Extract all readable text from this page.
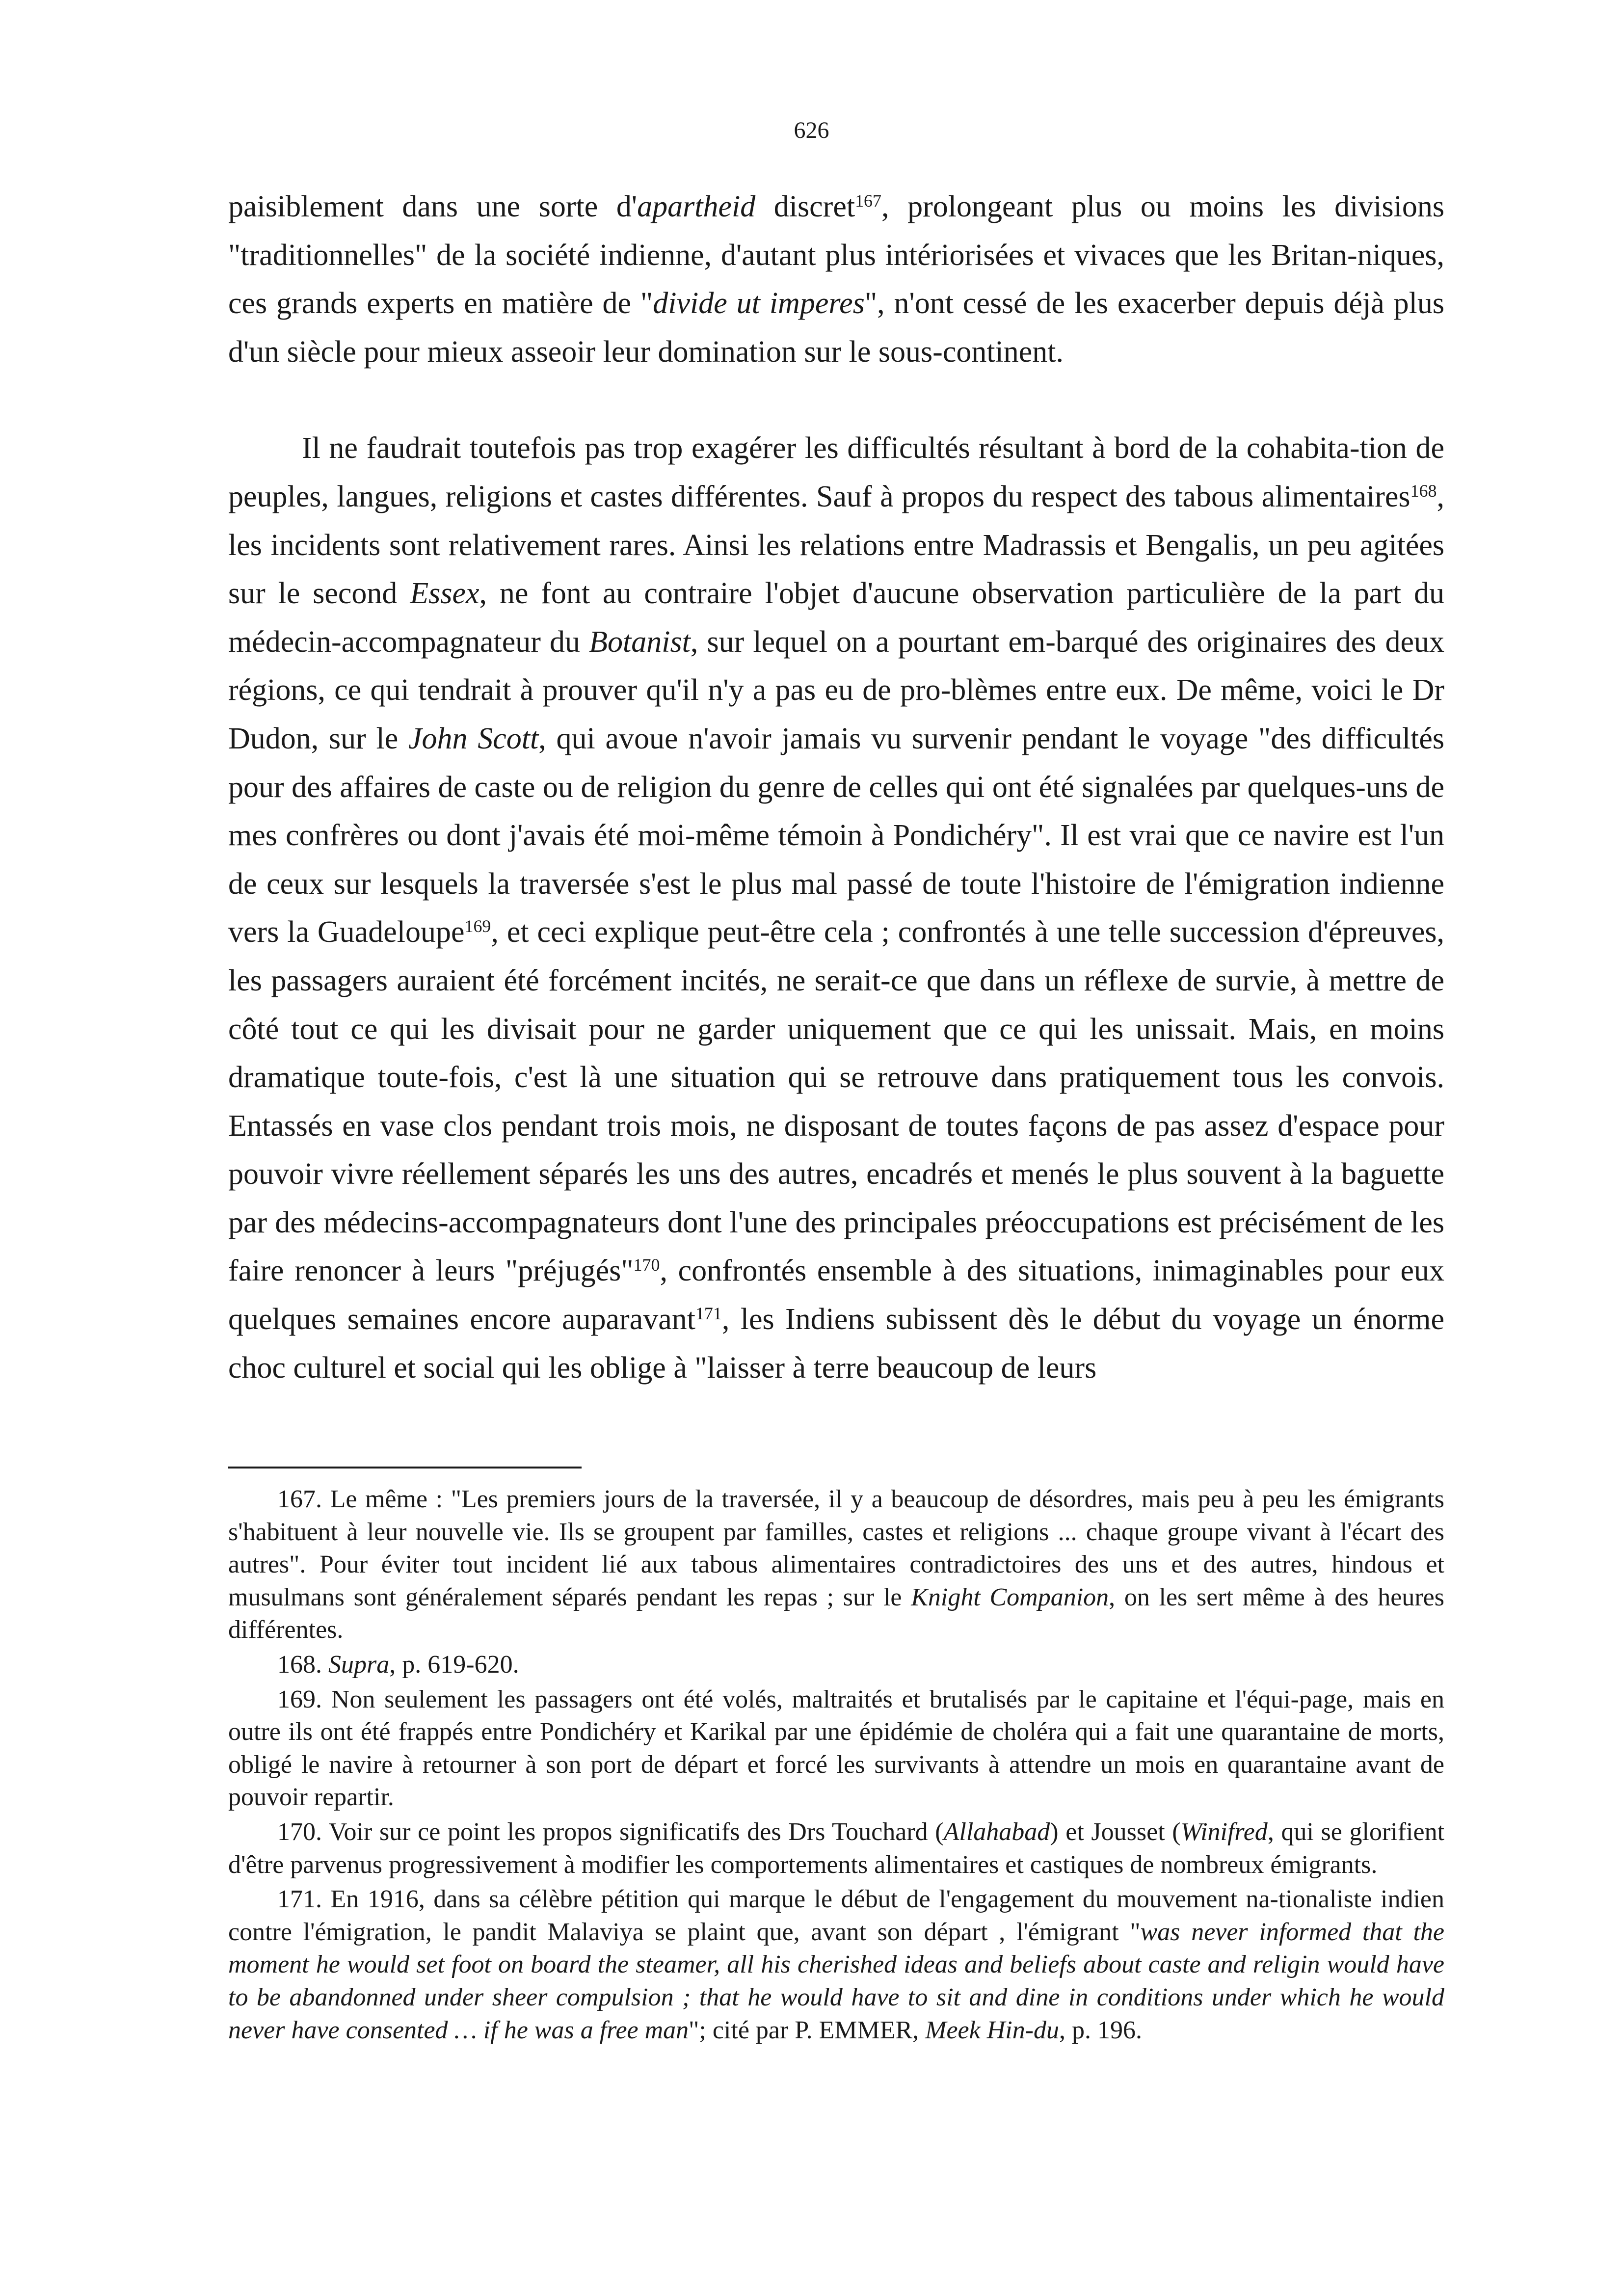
626

paisiblement dans une sorte d'apartheid discret$^{167}$, prolongeant plus ou moins les divisions "traditionnelles" de la société indienne, d'autant plus intériorisées et vivaces que les Britan-niques, ces grands experts en matière de "divide ut imperes", n'ont cessé de les exacerber depuis déjà plus d'un siècle pour mieux asseoir leur domination sur le sous-continent.

Il ne faudrait toutefois pas trop exagérer les difficultés résultant à bord de la cohabita-tion de peuples, langues, religions et castes différentes. Sauf à propos du respect des tabous alimentaires$^{168}$, les incidents sont relativement rares. Ainsi les relations entre Madrassis et Bengalis, un peu agitées sur le second Essex, ne font au contraire l'objet d'aucune observation particulière de la part du médecin-accompagnateur du Botanist, sur lequel on a pourtant em-barqué des originaires des deux régions, ce qui tendrait à prouver qu'il n'y a pas eu de pro-blèmes entre eux. De même, voici le Dr Dudon, sur le John Scott, qui avoue n'avoir jamais vu survenir pendant le voyage "des difficultés pour des affaires de caste ou de religion du genre de celles qui ont été signalées par quelques-uns de mes confrères ou dont j'avais été moi-même témoin à Pondichéry". Il est vrai que ce navire est l'un de ceux sur lesquels la traversée s'est le plus mal passé de toute l'histoire de l'émigration indienne vers la Guadeloupe$^{169}$, et ceci explique peut-être cela ; confrontés à une telle succession d'épreuves, les passagers auraient été forcément incités, ne serait-ce que dans un réflexe de survie, à mettre de côté tout ce qui les divisait pour ne garder uniquement que ce qui les unissait. Mais, en moins dramatique toute-fois, c'est là une situation qui se retrouve dans pratiquement tous les convois. Entassés en vase clos pendant trois mois, ne disposant de toutes façons de pas assez d'espace pour pouvoir vivre réellement séparés les uns des autres, encadrés et menés le plus souvent à la baguette par des médecins-accompagnateurs dont l'une des principales préoccupations est précisément de les faire renoncer à leurs "préjugés"$^{170}$, confrontés ensemble à des situations, inimaginables pour eux quelques semaines encore auparavant$^{171}$, les Indiens subissent dès le début du voyage un énorme choc culturel et social qui les oblige à "laisser à terre beaucoup de leurs

167. Le même : "Les premiers jours de la traversée, il y a beaucoup de désordres, mais peu à peu les émigrants s'habituent à leur nouvelle vie. Ils se groupent par familles, castes et religions ... chaque groupe vivant à l'écart des autres". Pour éviter tout incident lié aux tabous alimentaires contradictoires des uns et des autres, hindous et musulmans sont généralement séparés pendant les repas ; sur le Knight Companion, on les sert même à des heures différentes.

168. Supra, p. 619-620.

169. Non seulement les passagers ont été volés, maltraités et brutalisés par le capitaine et l'équi-page, mais en outre ils ont été frappés entre Pondichéry et Karikal par une épidémie de choléra qui a fait une quarantaine de morts, obligé le navire à retourner à son port de départ et forcé les survivants à attendre un mois en quarantaine avant de pouvoir repartir.

170. Voir sur ce point les propos significatifs des Drs Touchard (Allahabad) et Jousset (Winifred, qui se glorifient d'être parvenus progressivement à modifier les comportements alimentaires et castiques de nombreux émigrants.

171. En 1916, dans sa célèbre pétition qui marque le début de l'engagement du mouvement na-tionaliste indien contre l'émigration, le pandit Malaviya se plaint que, avant son départ , l'émigrant "was never informed that the moment he would set foot on board the steamer, all his cherished ideas and beliefs about caste and religin would have to be abandonned under sheer compulsion ; that he would have to sit and dine in conditions under which he would never have consented … if he was a free man"; cité par P. EMMER, Meek Hin-du, p. 196.
